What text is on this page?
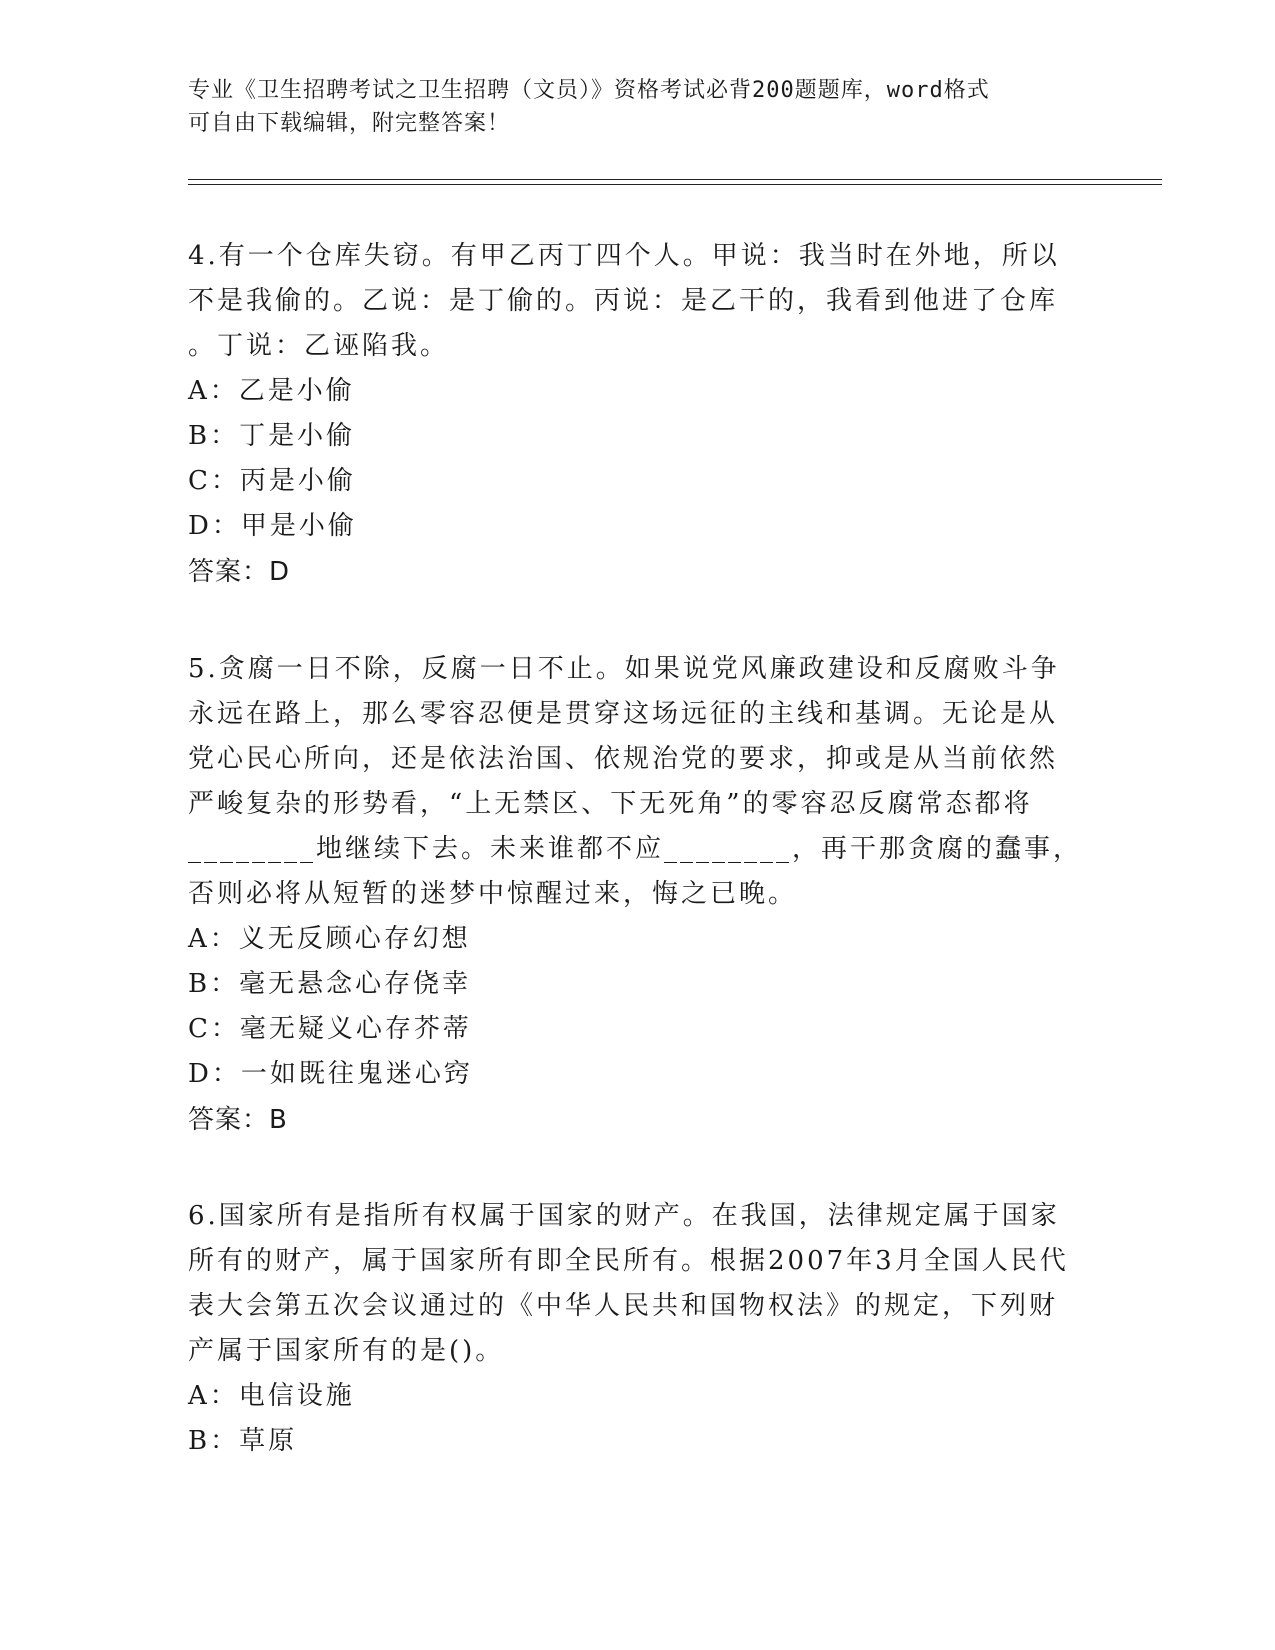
专业《卫生招聘考试之卫生招聘（文员）》资格考试必背200题题库，word格式
可自由下载编辑，附完整答案！
4.有一个仓库失窃。有甲乙丙丁四个人。甲说：我当时在外地，所以
不是我偷的。乙说：是丁偷的。丙说：是乙干的，我看到他进了仓库
。丁说：乙诬陷我。
A：乙是小偷
B：丁是小偷
C：丙是小偷
D：甲是小偷
答案：D
5.贪腐一日不除，反腐一日不止。如果说党风廉政建设和反腐败斗争
永远在路上，那么零容忍便是贯穿这场远征的主线和基调。无论是从
党心民心所向，还是依法治国、依规治党的要求，抑或是从当前依然
严峻复杂的形势看，“上无禁区、下无死角”的零容忍反腐常态都将
________地继续下去。未来谁都不应________，再干那贪腐的蠢事，
否则必将从短暂的迷梦中惊醒过来，悔之已晚。
A：义无反顾心存幻想
B：毫无悬念心存侥幸
C：毫无疑义心存芥蒂
D：一如既往鬼迷心窍
答案：B
6.国家所有是指所有权属于国家的财产。在我国，法律规定属于国家
所有的财产，属于国家所有即全民所有。根据2007年3月全国人民代
表大会第五次会议通过的《中华人民共和国物权法》的规定，下列财
产属于国家所有的是()。
A：电信设施
B：草原
